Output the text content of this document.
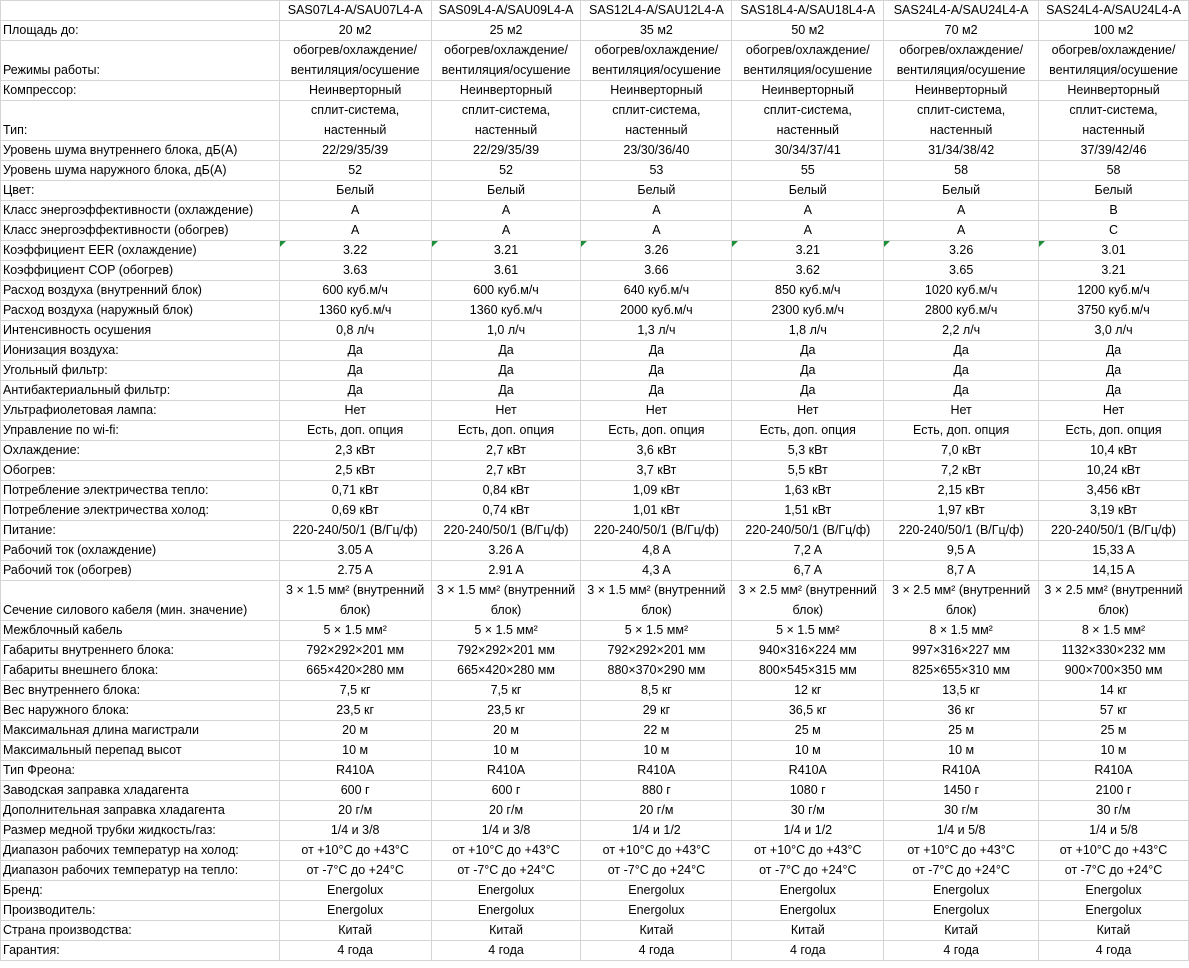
	SAS07L4-A/SAU07L4-A	SAS09L4-A/SAU09L4-A	SAS12L4-A/SAU12L4-A	SAS18L4-A/SAU18L4-A	SAS24L4-A/SAU24L4-A	SAS24L4-A/SAU24L4-A
Площадь до:	20 м2	25 м2	35 м2	50 м2	70 м2	100 м2
Режимы работы:	обогрев/охлаждение/ вентиляция/осушение	обогрев/охлаждение/ вентиляция/осушение	обогрев/охлаждение/ вентиляция/осушение	обогрев/охлаждение/ вентиляция/осушение	обогрев/охлаждение/ вентиляция/осушение	обогрев/охлаждение/ вентиляция/осушение
Компрессор:	Неинверторный	Неинверторный	Неинверторный	Неинверторный	Неинверторный	Неинверторный
Тип:	сплит-система, настенный	сплит-система, настенный	сплит-система, настенный	сплит-система, настенный	сплит-система, настенный	сплит-система, настенный
Уровень шума внутреннего блока, дБ(А)	22/29/35/39	22/29/35/39	23/30/36/40	30/34/37/41	31/34/38/42	37/39/42/46
Уровень шума наружного блока, дБ(А)	52	52	53	55	58	58
Цвет:	Белый	Белый	Белый	Белый	Белый	Белый
Класс энергоэффективности (охлаждение)	A	A	A	A	A	B
Класс энергоэффективности (обогрев)	A	A	A	A	A	C
Коэффициент EER (охлаждение)	3.22	3.21	3.26	3.21	3.26	3.01
Коэффициент COP (обогрев)	3.63	3.61	3.66	3.62	3.65	3.21
Расход воздуха (внутренний блок)	600 куб.м/ч	600 куб.м/ч	640 куб.м/ч	850 куб.м/ч	1020 куб.м/ч	1200 куб.м/ч
Расход воздуха (наружный блок)	1360 куб.м/ч	1360 куб.м/ч	2000 куб.м/ч	2300 куб.м/ч	2800 куб.м/ч	3750 куб.м/ч
Интенсивность осушения	0,8 л/ч	1,0 л/ч	1,3 л/ч	1,8 л/ч	2,2 л/ч	3,0 л/ч
Ионизация воздуха:	Да	Да	Да	Да	Да	Да
Угольный фильтр:	Да	Да	Да	Да	Да	Да
Антибактериальный фильтр:	Да	Да	Да	Да	Да	Да
Ультрафиолетовая лампа:	Нет	Нет	Нет	Нет	Нет	Нет
Управление по wi-fi:	Есть, доп. опция	Есть, доп. опция	Есть, доп. опция	Есть, доп. опция	Есть, доп. опция	Есть, доп. опция
Охлаждение:	2,3 кВт	2,7 кВт	3,6 кВт	5,3 кВт	7,0 кВт	10,4 кВт
Обогрев:	2,5 кВт	2,7 кВт	3,7 кВт	5,5 кВт	7,2 кВт	10,24 кВт
Потребление электричества тепло:	0,71 кВт	0,84 кВт	1,09 кВт	1,63 кВт	2,15 кВт	3,456 кВт
Потребление электричества холод:	0,69 кВт	0,74 кВт	1,01 кВт	1,51 кВт	1,97 кВт	3,19 кВт
Питание:	220-240/50/1 (В/Гц/ф)	220-240/50/1 (В/Гц/ф)	220-240/50/1 (В/Гц/ф)	220-240/50/1 (В/Гц/ф)	220-240/50/1 (В/Гц/ф)	220-240/50/1 (В/Гц/ф)
Рабочий ток (охлаждение)	3.05 A	3.26 A	4,8 A	7,2 A	9,5 A	15,33 A
Рабочий ток (обогрев)	2.75 A	2.91 A	4,3 A	6,7 A	8,7 A	14,15 A
Сечение силового кабеля (мин. значение)	3 × 1.5 мм² (внутренний блок)	3 × 1.5 мм² (внутренний блок)	3 × 1.5 мм² (внутренний блок)	3 × 2.5 мм² (внутренний блок)	3 × 2.5 мм² (внутренний блок)	3 × 2.5 мм² (внутренний блок)
Межблочный кабель	5 × 1.5 мм²	5 × 1.5 мм²	5 × 1.5 мм²	5 × 1.5 мм²	8 × 1.5 мм²	8 × 1.5 мм²
Габариты внутреннего блока:	792×292×201 мм	792×292×201 мм	792×292×201 мм	940×316×224 мм	997×316×227 мм	1132×330×232 мм
Габариты внешнего блока:	665×420×280 мм	665×420×280 мм	880×370×290 мм	800×545×315 мм	825×655×310 мм	900×700×350 мм
Вес внутреннего блока:	7,5 кг	7,5 кг	8,5 кг	12 кг	13,5 кг	14 кг
Вес наружного блока:	23,5 кг	23,5 кг	29 кг	36,5 кг	36 кг	57 кг
Максимальная длина магистрали	20 м	20 м	22 м	25 м	25 м	25 м
Максимальный перепад высот	10 м	10 м	10 м	10 м	10 м	10 м
Тип Фреона:	R410A	R410A	R410A	R410A	R410A	R410A
Заводская заправка хладагента	600 г	600 г	880 г	1080 г	1450 г	2100 г
Дополнительная заправка хладагента	20 г/м	20 г/м	20 г/м	30 г/м	30 г/м	30 г/м
Размер медной трубки жидкость/газ:	1/4 и 3/8	1/4 и 3/8	1/4 и 1/2	1/4 и 1/2	1/4 и 5/8	1/4 и 5/8
Диапазон рабочих температур на холод:	от +10°С до +43°С	от +10°С до +43°С	от +10°С до +43°С	от +10°С до +43°С	от +10°С до +43°С	от +10°С до +43°С
Диапазон рабочих температур на тепло:	от -7°С до +24°С	от -7°С до +24°С	от -7°С до +24°С	от -7°С до +24°С	от -7°С до +24°С	от -7°С до +24°С
Бренд:	Energolux	Energolux	Energolux	Energolux	Energolux	Energolux
Производитель:	Energolux	Energolux	Energolux	Energolux	Energolux	Energolux
Страна производства:	Китай	Китай	Китай	Китай	Китай	Китай
Гарантия:	4 года	4 года	4 года	4 года	4 года	4 года
